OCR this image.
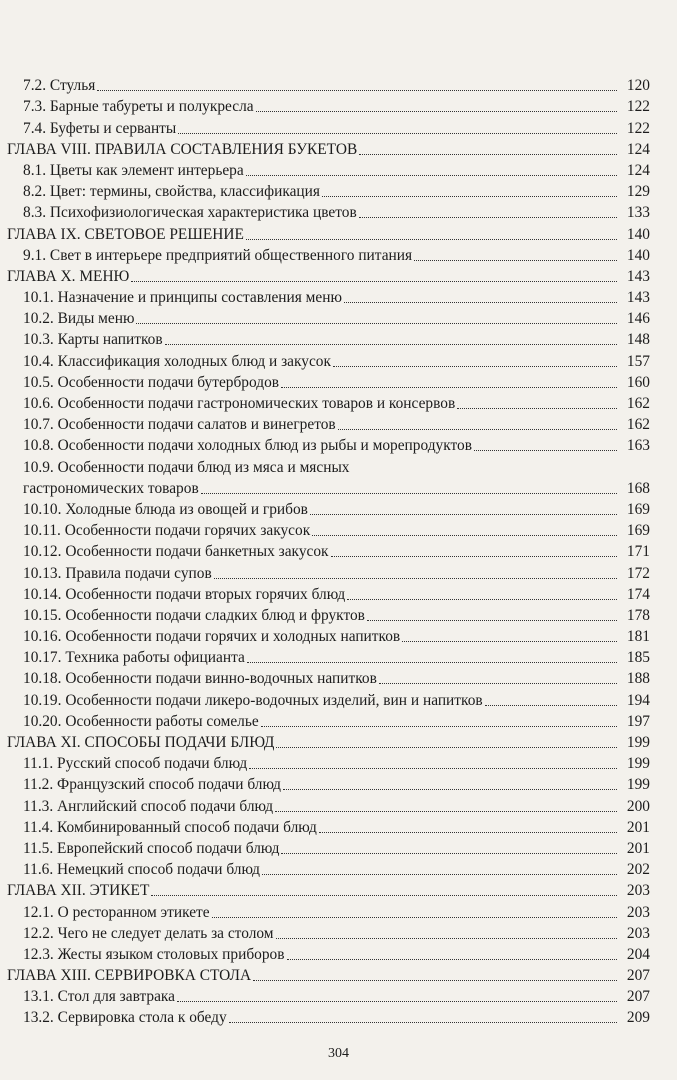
7.2. Стулья	120
7.3. Барные табуреты и полукресла	122
7.4. Буфеты и серванты	122
ГЛАВА VIII. ПРАВИЛА СОСТАВЛЕНИЯ БУКЕТОВ	124
8.1. Цветы как элемент интерьера	124
8.2. Цвет: термины, свойства, классификация	129
8.3. Психофизиологическая характеристика цветов	133
ГЛАВА IX. СВЕТОВОЕ РЕШЕНИЕ	140
9.1. Свет в интерьере предприятий общественного питания	140
ГЛАВА X. МЕНЮ	143
10.1. Назначение и принципы составления меню	143
10.2. Виды меню	146
10.3. Карты напитков	148
10.4. Классификация холодных блюд и закусок	157
10.5. Особенности подачи бутербродов	160
10.6. Особенности подачи гастрономических товаров и консервов	162
10.7. Особенности подачи салатов и винегретов	162
10.8. Особенности подачи холодных блюд из рыбы и морепродуктов	163
10.9. Особенности подачи блюд из мяса и мясных
гастрономических товаров	168
10.10. Холодные блюда из овощей и грибов	169
10.11. Особенности подачи горячих закусок	169
10.12. Особенности подачи банкетных закусок	171
10.13. Правила подачи супов	172
10.14. Особенности подачи вторых горячих блюд	174
10.15. Особенности подачи сладких блюд и фруктов	178
10.16. Особенности подачи горячих и холодных напитков	181
10.17. Техника работы официанта	185
10.18. Особенности подачи винно-водочных напитков	188
10.19. Особенности подачи ликеро-водочных изделий, вин и напитков	194
10.20. Особенности работы сомелье	197
ГЛАВА XI. СПОСОБЫ ПОДАЧИ БЛЮД	199
11.1. Русский способ подачи блюд	199
11.2. Французский способ подачи блюд	199
11.3. Английский способ подачи блюд	200
11.4. Комбинированный способ подачи блюд	201
11.5. Европейский способ подачи блюд	201
11.6. Немецкий способ подачи блюд	202
ГЛАВА XII. ЭТИКЕТ	203
12.1. О ресторанном этикете	203
12.2. Чего не следует делать за столом	203
12.3. Жесты языком столовых приборов	204
ГЛАВА XIII. СЕРВИРОВКА СТОЛА	207
13.1. Стол для завтрака	207
13.2. Сервировка стола к обеду	209
304
